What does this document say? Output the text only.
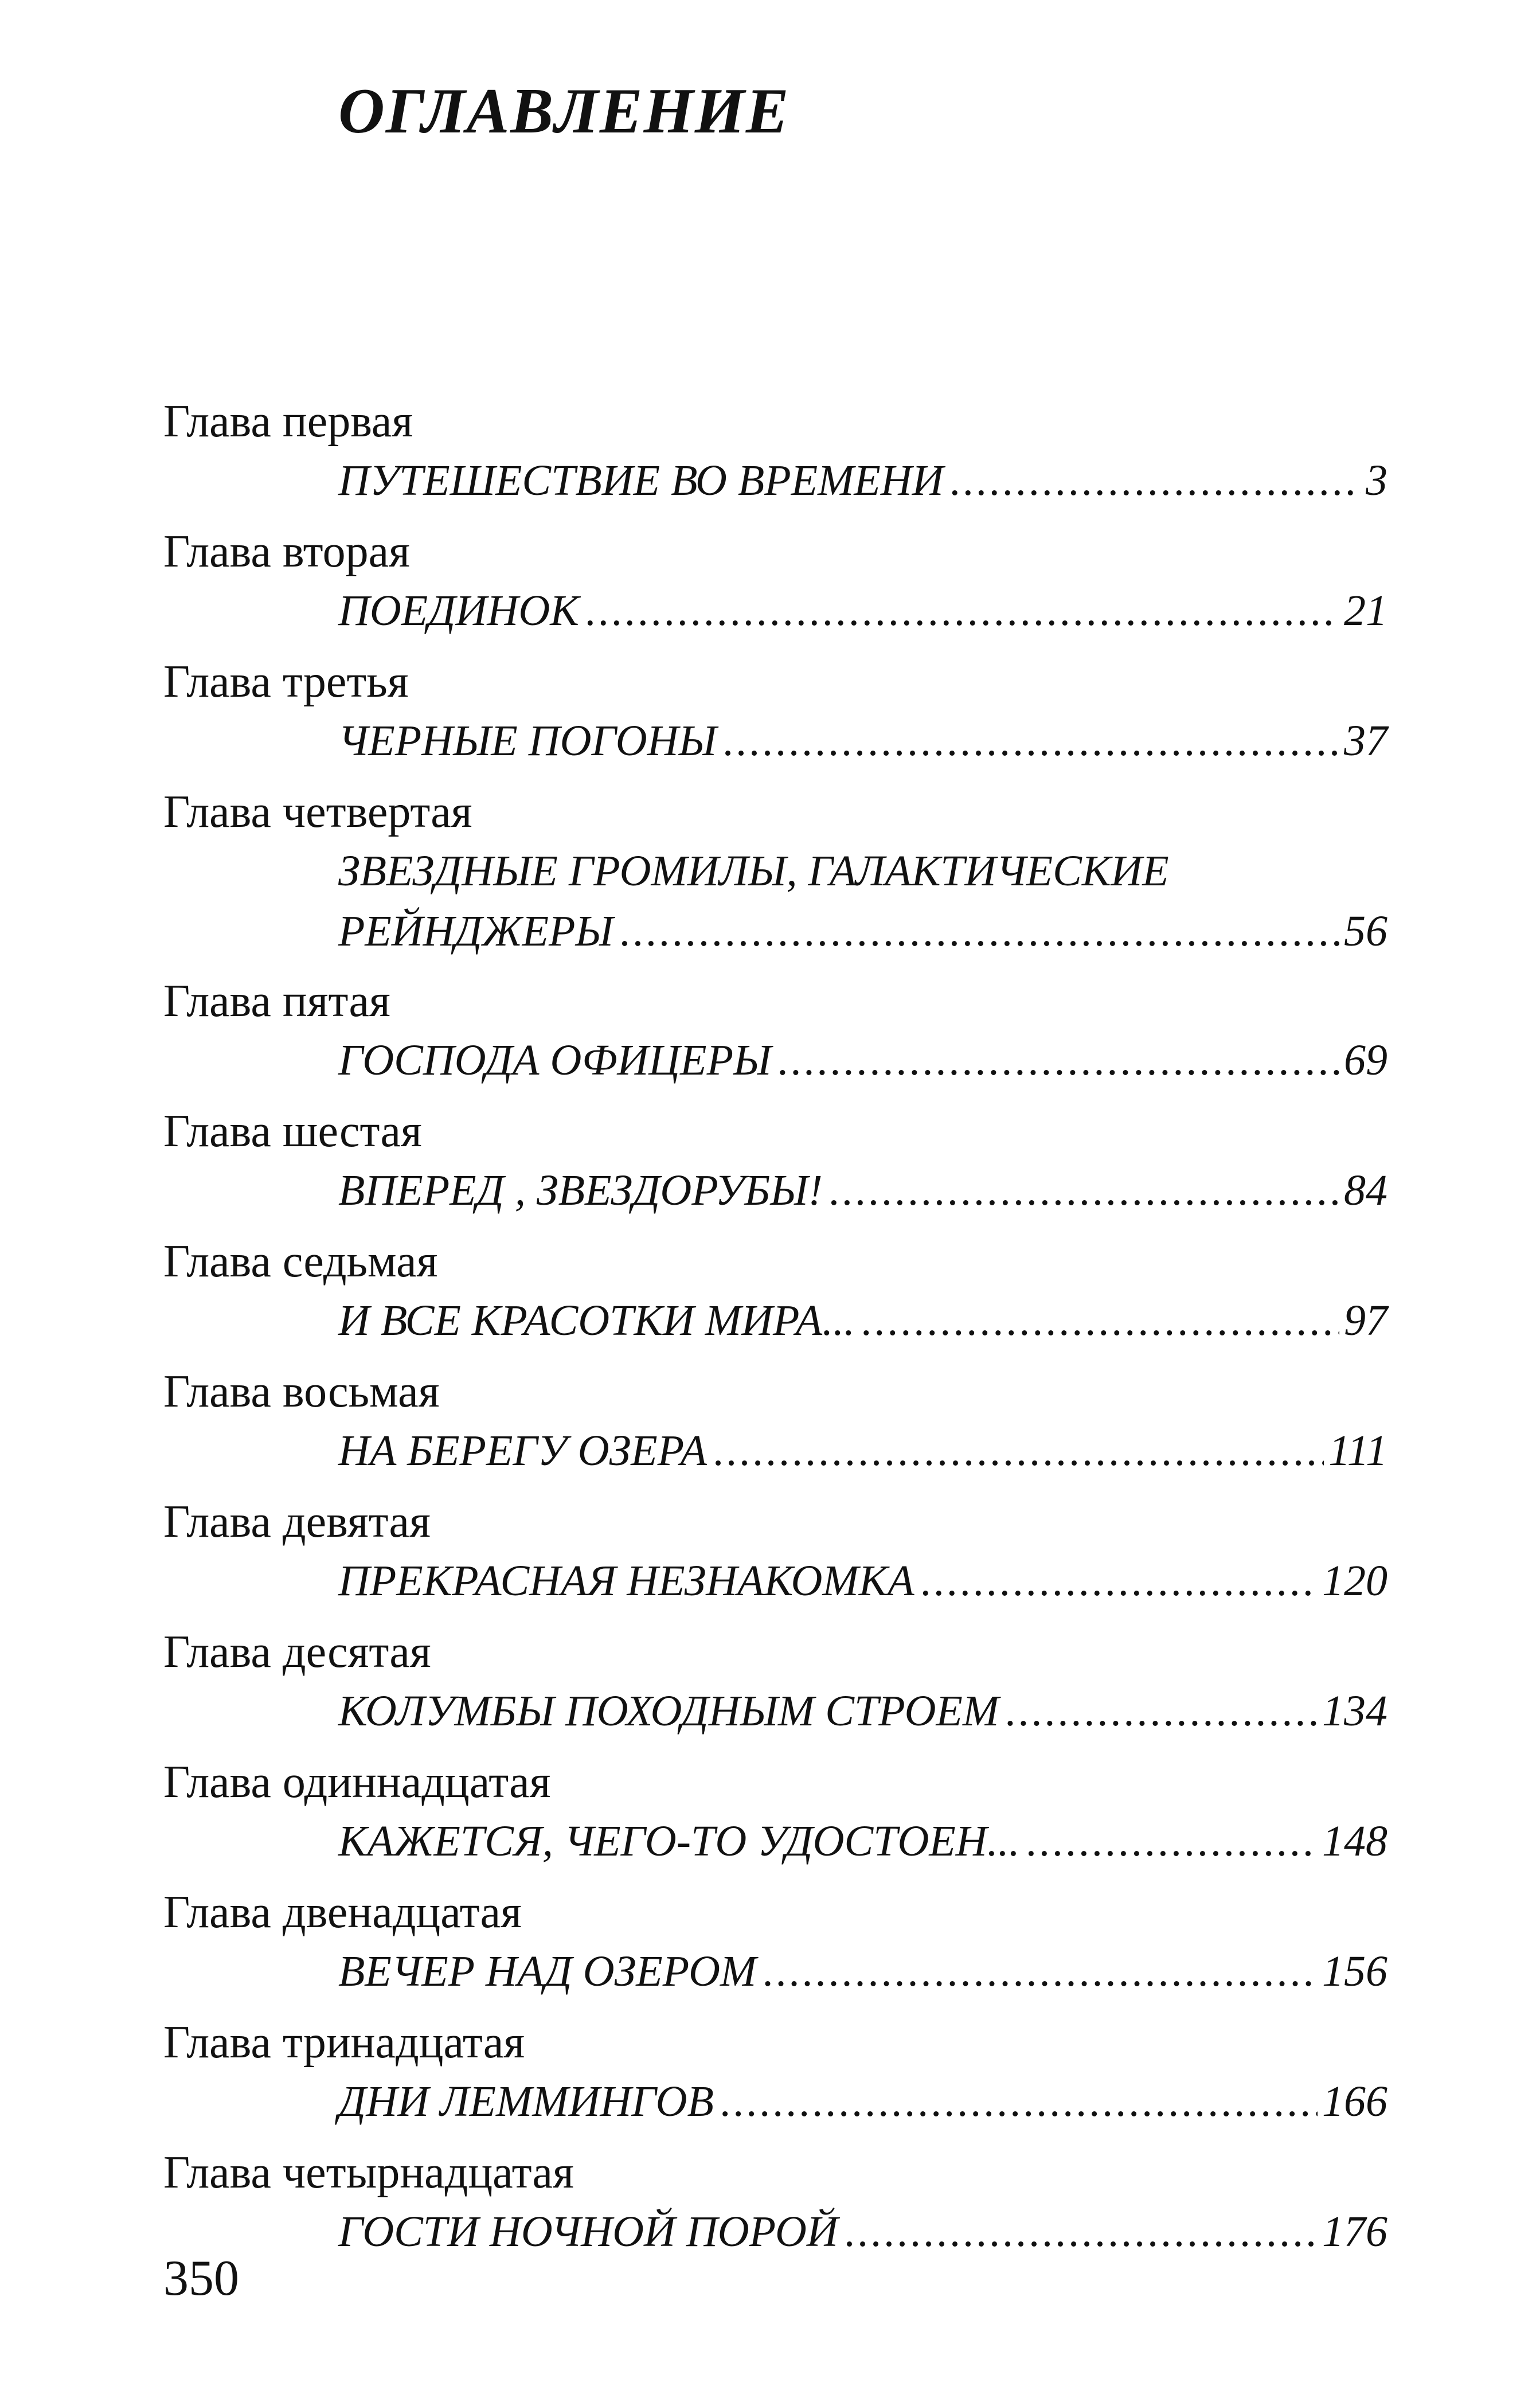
ОГЛАВЛЕНИЕ
Глава первая
ПУТЕШЕСТВИЕ ВО ВРЕМЕНИ .....	3
Глава вторая
ПОЕДИНОК .....	21
Глава третья
ЧЕРНЫЕ ПОГОНЫ .....	37
Глава четвертая
ЗВЕЗДНЫЕ ГРОМИЛЫ, ГАЛАКТИЧЕСКИЕ
РЕЙНДЖЕРЫ .....	56
Глава пятая
ГОСПОДА ОФИЦЕРЫ .....	69
Глава шестая
ВПЕРЕД , ЗВЕЗДОРУБЫ! .....	84
Глава седьмая
И ВСЕ КРАСОТКИ МИРА... .....	97
Глава восьмая
НА БЕРЕГУ ОЗЕРА .....	111
Глава девятая
ПРЕКРАСНАЯ НЕЗНАКОМКА .....	120
Глава десятая
КОЛУМБЫ ПОХОДНЫМ СТРОЕМ .....	134
Глава одиннадцатая
КАЖЕТСЯ, ЧЕГО-ТО УДОСТОЕН... .....	148
Глава двенадцатая
ВЕЧЕР НАД ОЗЕРОМ .....	156
Глава тринадцатая
ДНИ ЛЕММИНГОВ .....	166
Глава четырнадцатая
ГОСТИ НОЧНОЙ ПОРОЙ .....	176

350
